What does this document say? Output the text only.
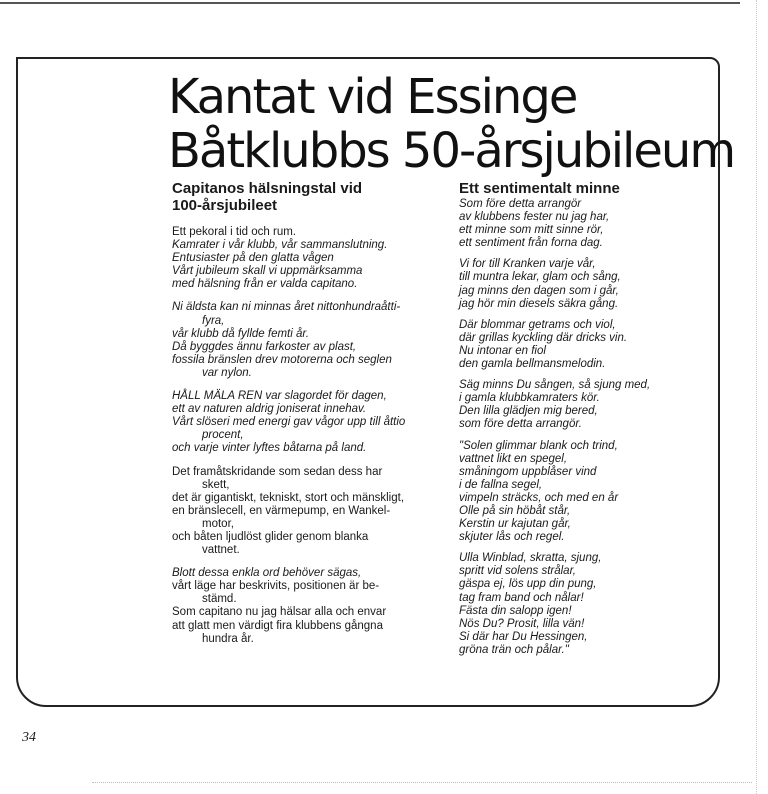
Kantat vid Essinge
Båtklubbs 50-årsjubileum
Capitanos hälsningstal vid
100-årsjubileet
Ett pekoral i tid och rum.
Kamrater i vår klubb, vår sammanslutning.
Entusiaster på den glatta vågen
Vårt jubileum skall vi uppmärksamma
med hälsning från er valda capitano.
Ni äldsta kan ni minnas året nittonhundraåtti-
fyra,
vår klubb då fyllde femti år.
Då byggdes ännu farkoster av plast,
fossila bränslen drev motorerna och seglen
var nylon.
HÅLL MÄLA REN var slagordet för dagen,
ett av naturen aldrig joniserat innehav.
Vårt slöseri med energi gav vågor upp till åttio
procent,
och varje vinter lyftes båtarna på land.
Det framåtskridande som sedan dess har
skett,
det är gigantiskt, tekniskt, stort och mänskligt,
en bränslecell, en värmepump, en Wankel-
motor,
och båten ljudlöst glider genom blanka
vattnet.
Blott dessa enkla ord behöver sägas,
vårt läge har beskrivits, positionen är be-
stämd.
Som capitano nu jag hälsar alla och envar
att glatt men värdigt fira klubbens gångna
hundra år.
Ett sentimentalt minne
Som före detta arrangör
av klubbens fester nu jag har,
ett minne som mitt sinne rör,
ett sentiment från forna dag.
Vi for till Kranken varje vår,
till muntra lekar, glam och sång,
jag minns den dagen som i går,
jag hör min diesels säkra gång.
Där blommar getrams och viol,
där grillas kyckling där dricks vin.
Nu intonar en fiol
den gamla bellmansmelodin.
Säg minns Du sången, så sjung med,
i gamla klubbkamraters kör.
Den lilla glädjen mig bered,
som före detta arrangör.
"Solen glimmar blank och trind,
vattnet likt en spegel,
småningom uppblåser vind
i de fallna segel,
vimpeln sträcks, och med en år
Olle på sin höbåt står,
Kerstin ur kajutan går,
skjuter lås och regel.
Ulla Winblad, skratta, sjung,
spritt vid solens strålar,
gäspa ej, lös upp din pung,
tag fram band och nålar!
Fästa din salopp igen!
Nös Du? Prosit, lilla vän!
Si där har Du Hessingen,
gröna trän och pålar."
34
